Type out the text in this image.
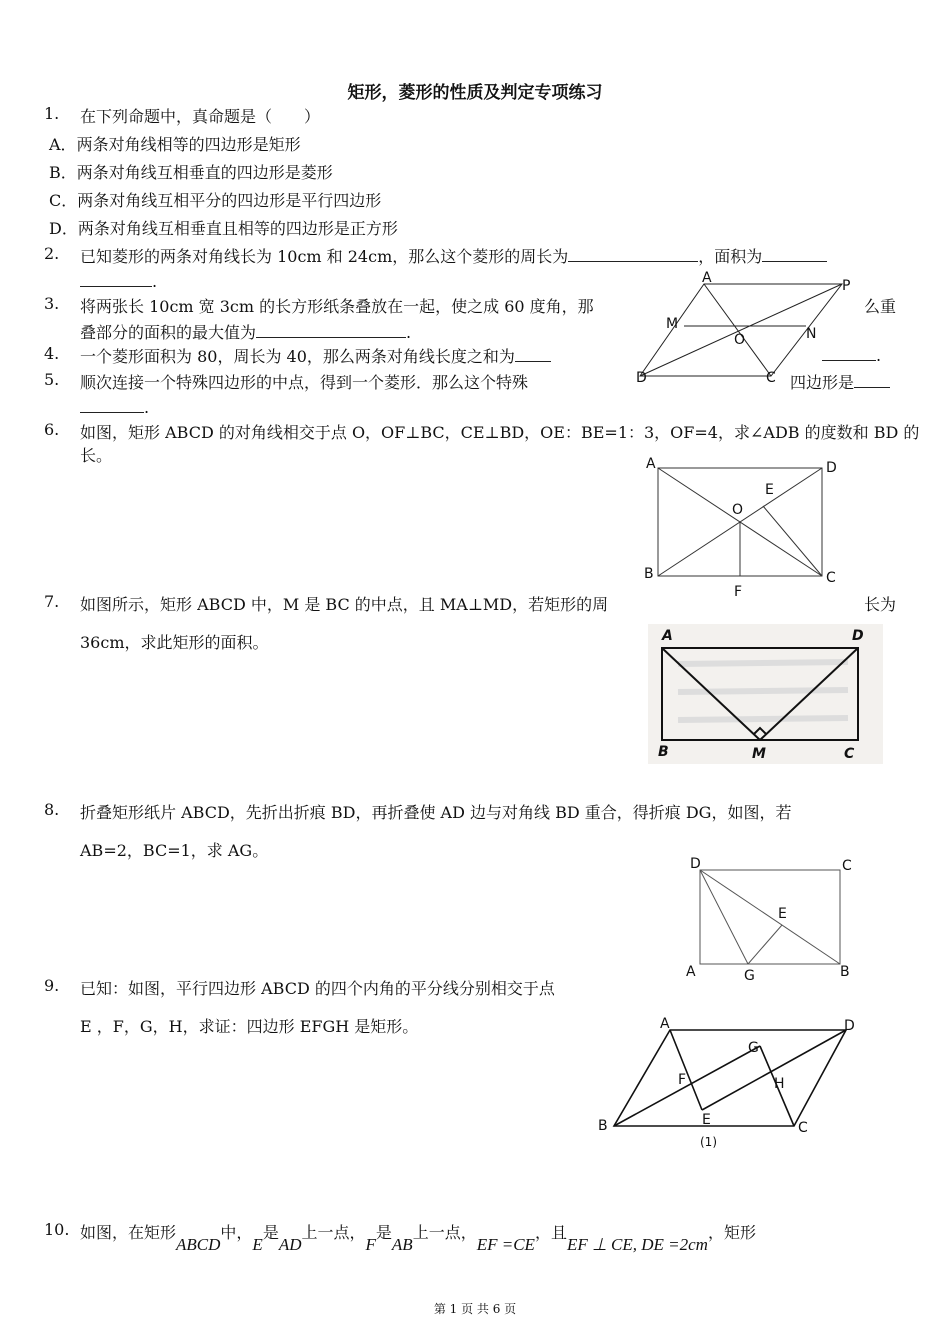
矩形，菱形的性质及判定专项练习
1. 在下列命题中，真命题是（　　）
A．两条对角线相等的四边形是矩形
B．两条对角线互相垂直的四边形是菱形
C．两条对角线互相平分的四边形是平行四边形
D．两条对角线互相垂直且相等的四边形是正方形
2. 已知菱形的两条对角线长为 10cm 和 24cm，那么这个菱形的周长为	，面积为
.
3. 将两张长 10cm 宽 3cm 的长方形纸条叠放在一起，使之成 60 度角，那	么重
叠部分的面积的最大值为	.
4. 一个菱形面积为 80，周长为 40，那么两条对角线长度之和为	.
5. 顺次连接一个特殊四边形的中点，得到一个菱形．那么这个特殊	四边形是
.
A	P
M
O	N
D	C
6. 如图，矩形 ABCD 的对角线相交于点 O，OF⊥BC，CE⊥BD，OE：BE=1：3，OF=4，求∠ADB 的度数和 BD 的长。	A	D
O
E
B	C
F
7. 如图所示，矩形 ABCD 中，M 是 BC 的中点，且 MA⊥MD，若矩形的周	长为
36cm，求此矩形的面积。	A	D
B	M	C
8. 折叠矩形纸片 ABCD，先折出折痕 BD，再折叠使 AD 边与对角线 BD 重合，得折痕 DG，如图，若
AB=2，BC=1，求 AG。
D	C
E
A	G	B
9. 已知：如图，平行四边形 ABCD 的四个内角的平分线分别相交于点
E ，F，G，H，求证：四边形 EFGH 是矩形。	A	D
G
F	H
E
B	C
(1)
10. 如图，在矩形ABCD中，E是AD上一点，F是AB上一点，EF =CE，且EF ⊥ CE, DE =2cm，矩形
第 1 页 共 6 页
